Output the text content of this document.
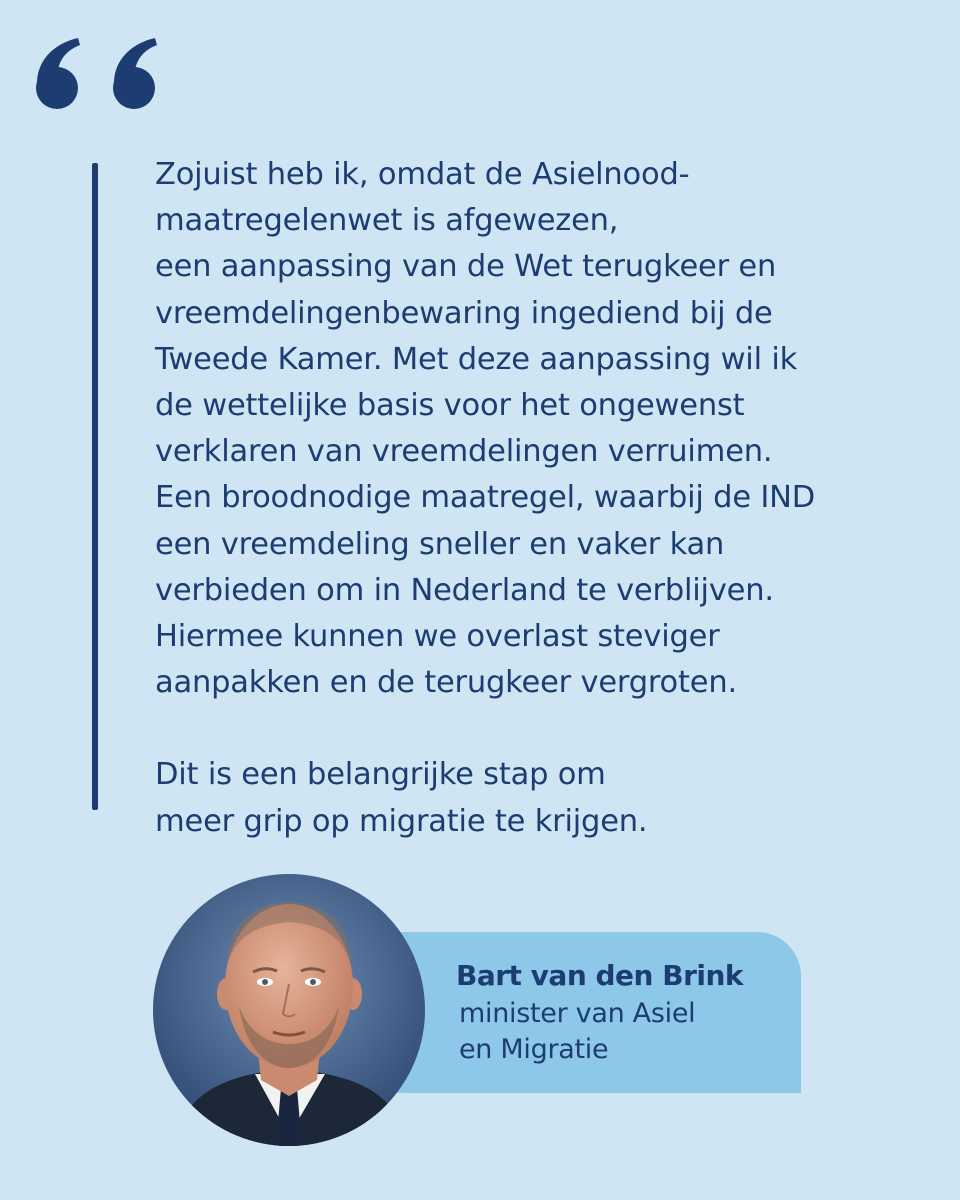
Zojuist heb ik, omdat de Asielnood-
maatregelenwet is afgewezen,
een aanpassing van de Wet terugkeer en
vreemdelingenbewaring ingediend bij de
Tweede Kamer. Met deze aanpassing wil ik
de wettelijke basis voor het ongewenst
verklaren van vreemdelingen verruimen.
Een broodnodige maatregel, waarbij de IND
een vreemdeling sneller en vaker kan
verbieden om in Nederland te verblijven.
Hiermee kunnen we overlast steviger
aanpakken en de terugkeer vergroten.
Dit is een belangrijke stap om
meer grip op migratie te krijgen.
Bart van den Brink
minister van Asiel
en Migratie
